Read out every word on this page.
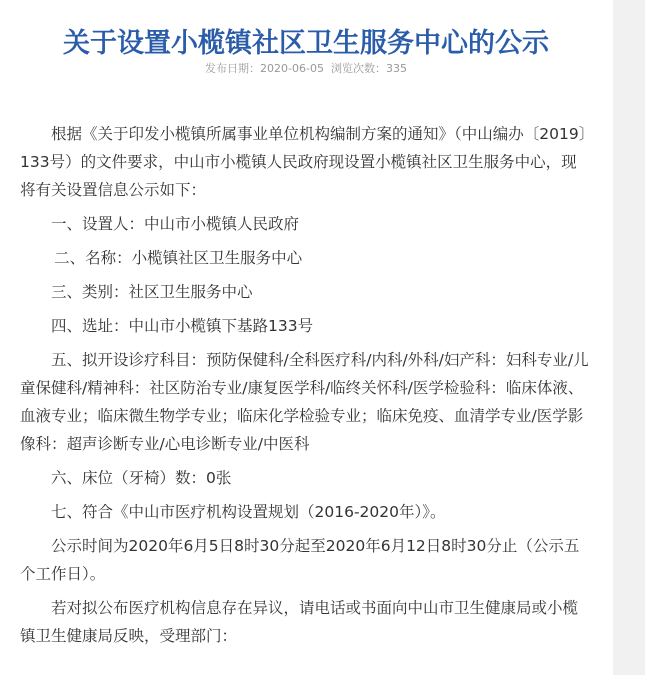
关于设置小榄镇社区卫生服务中心的公示
发布日期：2020-06-05 浏览次数：335

根据《关于印发小榄镇所属事业单位机构编制方案的通知》（中山编办〔2019〕133号）的文件要求，中山市小榄镇人民政府现设置小榄镇社区卫生服务中心，现将有关设置信息公示如下：

一、设置人：中山市小榄镇人民政府

二、名称：小榄镇社区卫生服务中心

三、类别：社区卫生服务中心

四、选址：中山市小榄镇下基路133号

五、拟开设诊疗科目：预防保健科/全科医疗科/内科/外科/妇产科：妇科专业/儿童保健科/精神科：社区防治专业/康复医学科/临终关怀科/医学检验科：临床体液、血液专业；临床微生物学专业；临床化学检验专业；临床免疫、血清学专业/医学影像科：超声诊断专业/心电诊断专业/中医科

六、床位（牙椅）数：0张

七、符合《中山市医疗机构设置规划（2016-2020年）》。

公示时间为2020年6月5日8时30分起至2020年6月12日8时30分止（公示五个工作日）。

若对拟公布医疗机构信息存在异议，请电话或书面向中山市卫生健康局或小榄镇卫生健康局反映，受理部门：
